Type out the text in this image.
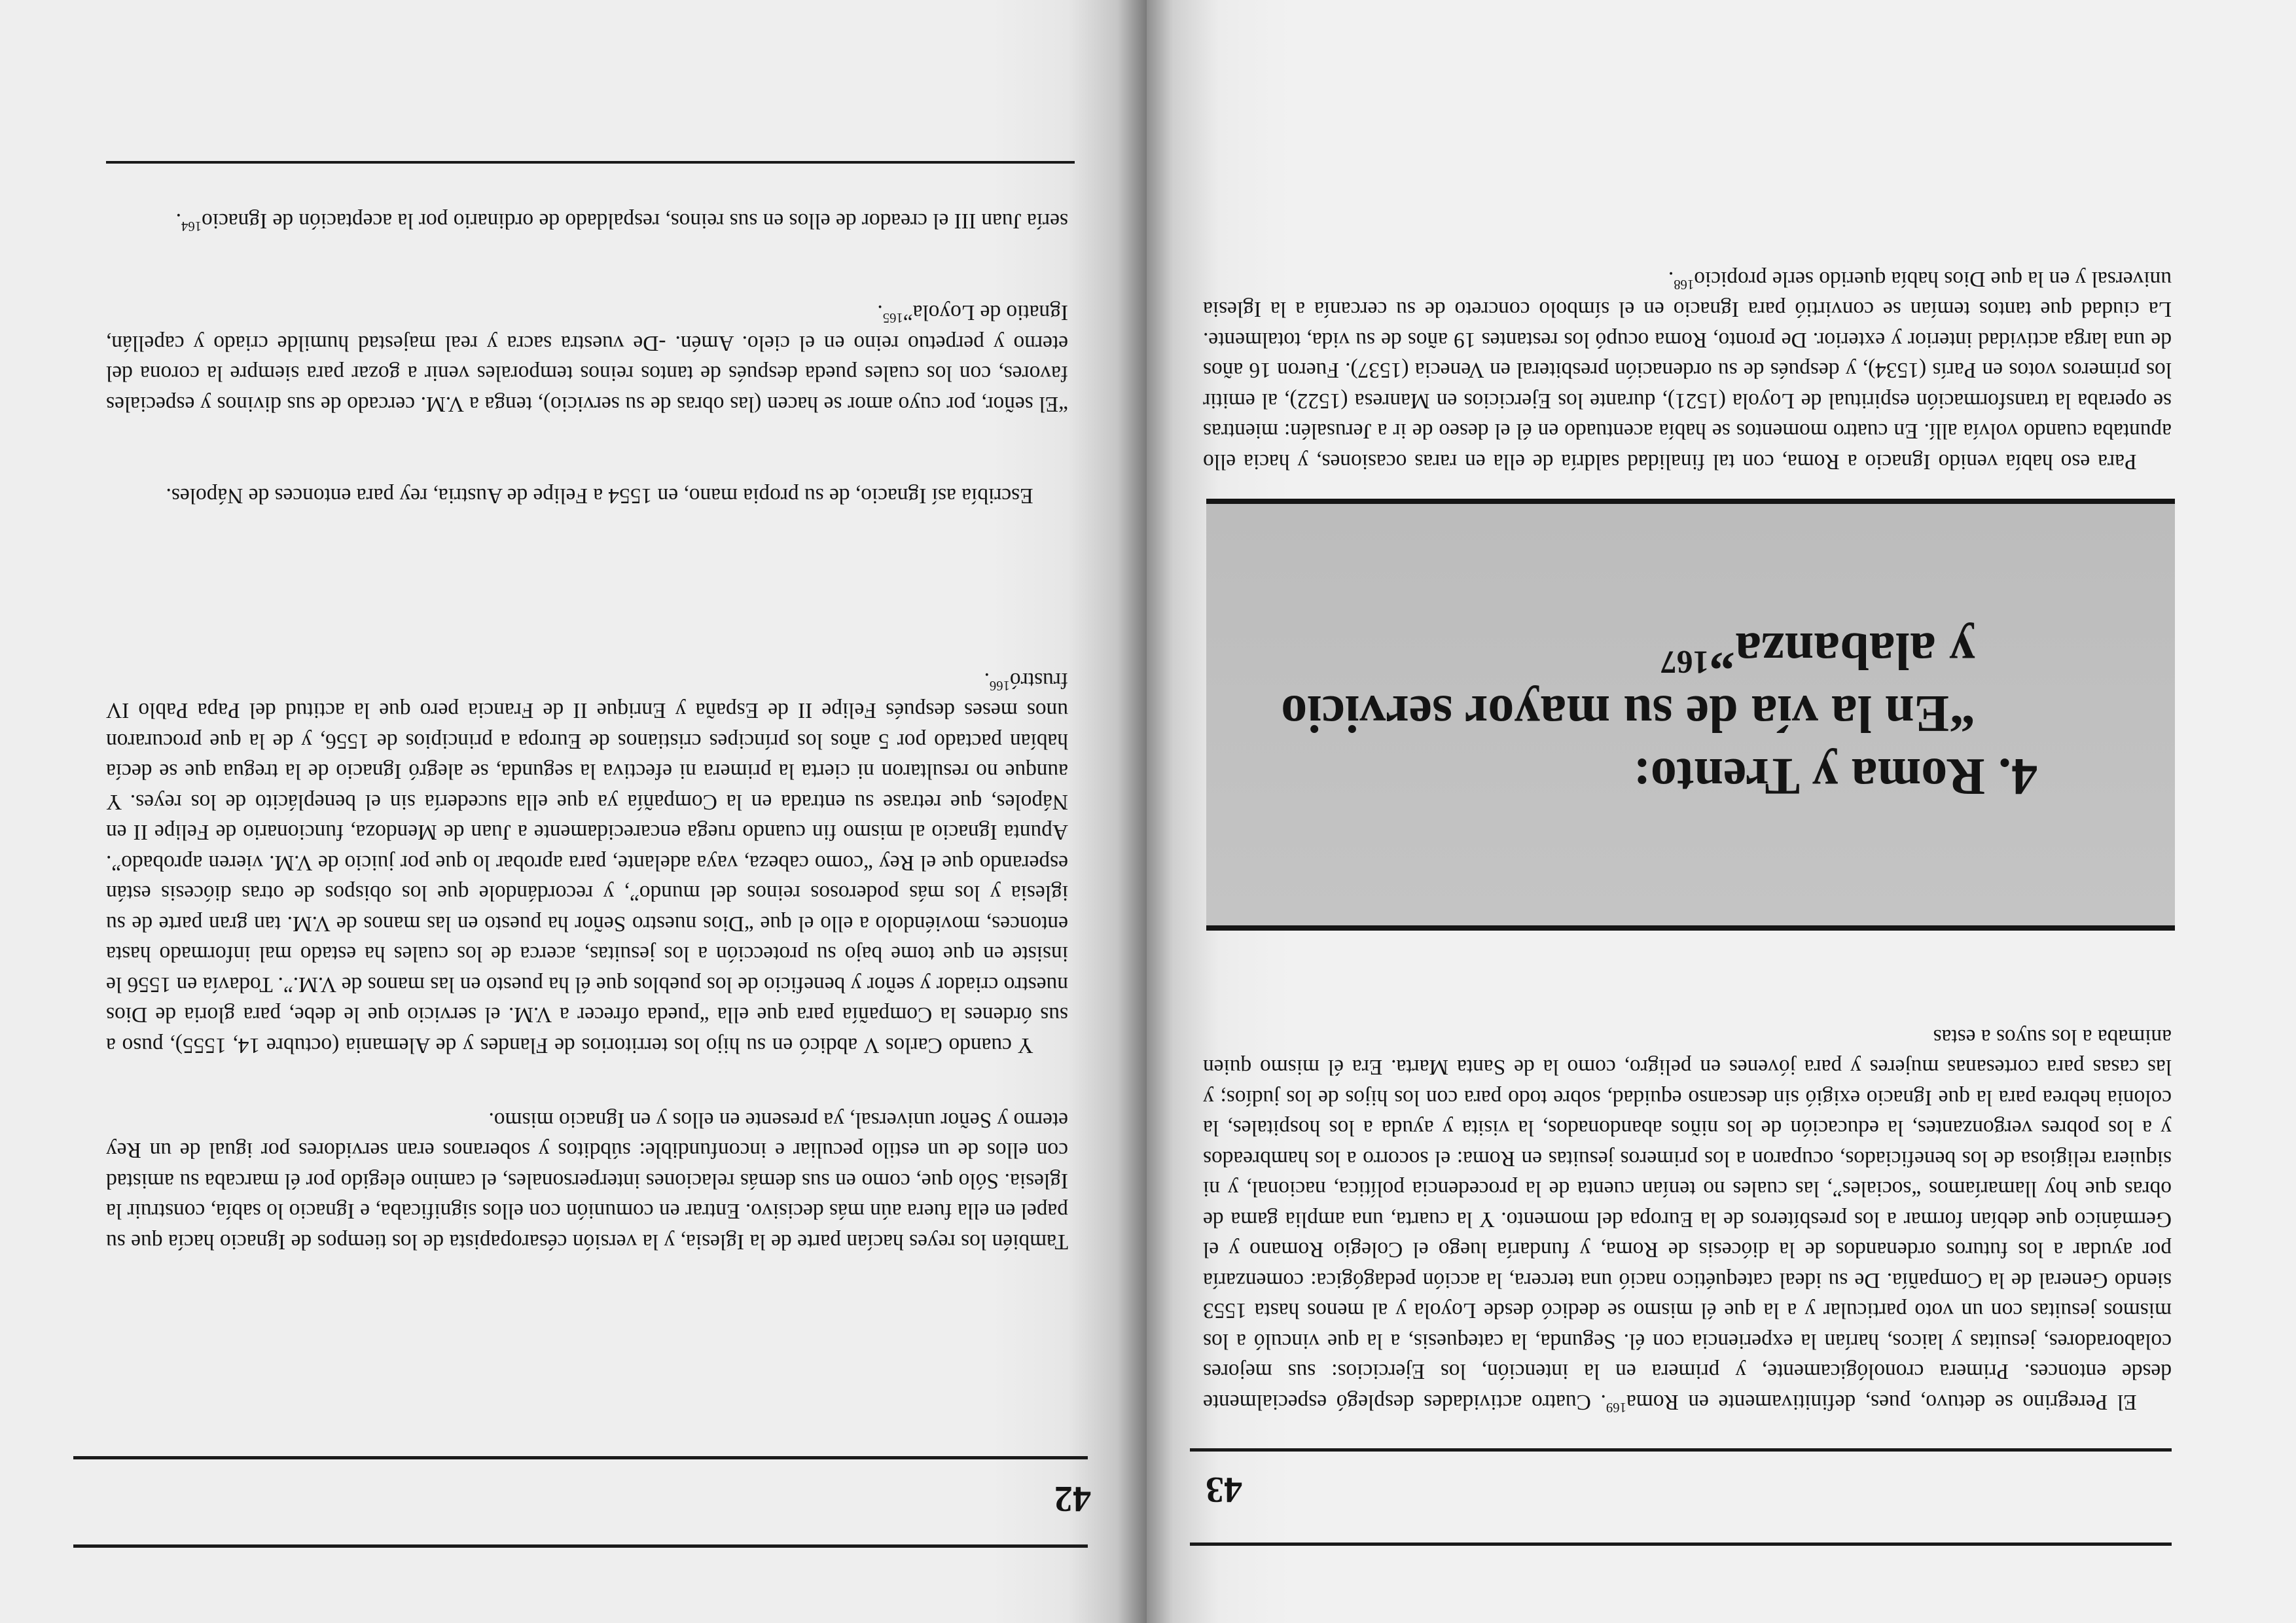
43
4. Roma y Trento:
“En la vía de su mayor servicio
y alabanza”$^{167}$

El Peregrino se detuvo, pues, definitivamente en Roma$^{169}$. Cuatro actividades desplegó especialmente desde entonces. Primera cronológicamente, y primera en la intención, los Ejercicios: sus mejores colaboradores, jesuitas y laicos, harían la experiencia con él. Segunda, la catequesis, a la que vinculó a los mismos jesuitas con un voto particular y a la que él mismo se dedicó desde Loyola y al menos hasta 1553 siendo General de la Compañía. De su ideal catequético nació una tercera, la acción pedagógica: comenzaría por ayudar a los futuros ordenandos de la diócesis de Roma, y fundaría luego el Colegio Romano y el Germánico que debían formar a los presbíteros de la Europa del momento. Y la cuarta, una amplia gama de obras que hoy llamaríamos “sociales”, las cuales no tenían cuenta de la procedencia política, nacional, y ni siquiera religiosa de los beneficiados, ocuparon a los primeros jesuitas en Roma: el socorro a los hambreados y a los pobres vergonzantes, la educación de los niños abandonados, la visita y ayuda a los hospitales, la colonia hebrea para la que Ignacio exigió sin descanso equidad, sobre todo para con los hijos de los judíos; y las casas para cortesanas mujeres y para jóvenes en peligro, como la de Santa Marta. Era él mismo quien animaba a los suyos a estas

Para eso había venido Ignacio a Roma, con tal finalidad saldría de ella en raras ocasiones, y hacia ello apuntaba cuando volvía allí. En cuatro momentos se había acentuado en él el deseo de ir a Jerusalén: mientras se operaba la transformación espiritual de Loyola (1521), durante los Ejercicios en Manresa (1522), al emitir los primeros votos en París (1534), y después de su ordenación presbiteral en Venecia (1537). Fueron 16 años de una larga actividad interior y exterior. De pronto, Roma ocupó los restantes 19 años de su vida, totalmente. La ciudad que tantos temían se convirtió para Ignacio en el símbolo concreto de su cercanía a la Iglesia universal y en la que Dios había querido serle propicio$^{168}$.

42

También los reyes hacían parte de la Iglesia, y la versión césaropapista de los tiempos de Ignacio hacía que su papel en ella fuera aún más decisivo. Entrar en comunión con ellos significaba, e Ignacio lo sabía, construir la Iglesia. Sólo que, como en sus demás relaciones interpersonales, el camino elegido por él marcaba su amistad con ellos de un estilo peculiar e inconfundible: súbditos y soberanos eran servidores por igual de un Rey eterno y Señor universal, ya presente en ellos y en Ignacio mismo.

Y cuando Carlos V abdicó en su hijo los territorios de Flandes y de Alemania (octubre 14, 1555), puso a sus órdenes la Compañía para que ella “pueda ofrecer a V.M. el servicio que le debe, para gloria de Dios nuestro criador y señor y beneficio de los pueblos que él ha puesto en las manos de V.M.”. Todavía en 1556 le insiste en que tome bajo su protección a los jesuitas, acerca de los cuales ha estado mal informado hasta entonces, moviéndolo a ello el que “Dios nuestro Señor ha puesto en las manos de V.M. tan gran parte de su iglesia y los más poderosos reinos del mundo”, y recordándole que los obispos de otras diócesis están esperando que el Rey “como cabeza, vaya adelante, para aprobar lo que por juicio de V.M. vieren aprobado”. Apunta Ignacio al mismo fin cuando ruega encarecidamente a Juan de Mendoza, funcionario de Felipe II en Nápoles, que retrase su entrada en la Compañía ya que ella sucedería sin el beneplácito de los reyes. Y aunque no resultaron ni cierta la primera ni efectiva la segunda, se alegró Ignacio de la tregua que se decía habían pactado por 5 años los príncipes cristianos de Europa a principios de 1556, y de la que procuraron unos meses después Felipe II de España y Enrique II de Francia pero que la actitud del Papa Pablo IV frustró$^{166}$.

Escribía así Ignacio, de su propia mano, en 1554 a Felipe de Austria, rey para entonces de Nápoles.

“El señor, por cuyo amor se hacen (las obras de su servicio), tenga a V.M. cercado de sus divinos y especiales favores, con los cuales pueda después de tantos reinos temporales venir a gozar para siempre la corona del eterno y perpetuo reino en el cielo. Amén. -De vuestra sacra y real majestad humilde criado y capellán, Ignatio de Loyola”$^{165}$.

sería Juan III el creador de ellos en sus reinos, respaldado de ordinario por la aceptación de Ignacio$^{164}$.
